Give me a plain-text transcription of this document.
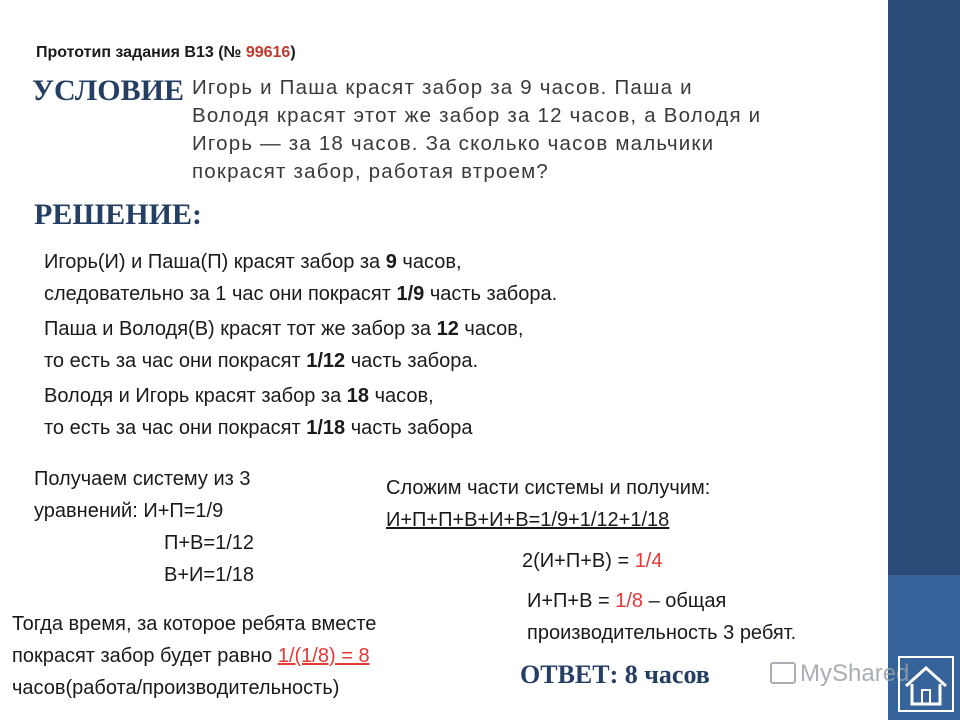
Прототип задания В13 (№ 99616)
УСЛОВИЕ Игорь и Паша красят забор за 9 часов. Паша и
Володя красят этот же забор за 12 часов, а Володя и
Игорь — за 18 часов. За сколько часов мальчики
покрасят забор, работая втроем?
РЕШЕНИЕ:
Игорь(И) и Паша(П) красят забор за 9 часов,
следовательно за 1 час они покрасят 1/9 часть забора.
Паша и Володя(В) красят тот же забор за 12 часов,
то есть за час они покрасят 1/12 часть забора.
Володя и Игорь красят забор за 18 часов,
то есть за час они покрасят 1/18 часть забора
Получаем систему из 3
уравнений: И+П=1/9
П+В=1/12
В+И=1/18
Сложим части системы и получим:
И+П+П+В+И+В=1/9+1/12+1/18
2(И+П+В) = 1/4
И+П+В = 1/8 – общая
производительность 3 ребят.
Тогда время, за которое ребята вместе
покрасят забор будет равно 1/(1/8) = 8
часов(работа/производительность)	ОТВЕТ: 8 часов	MyShared
